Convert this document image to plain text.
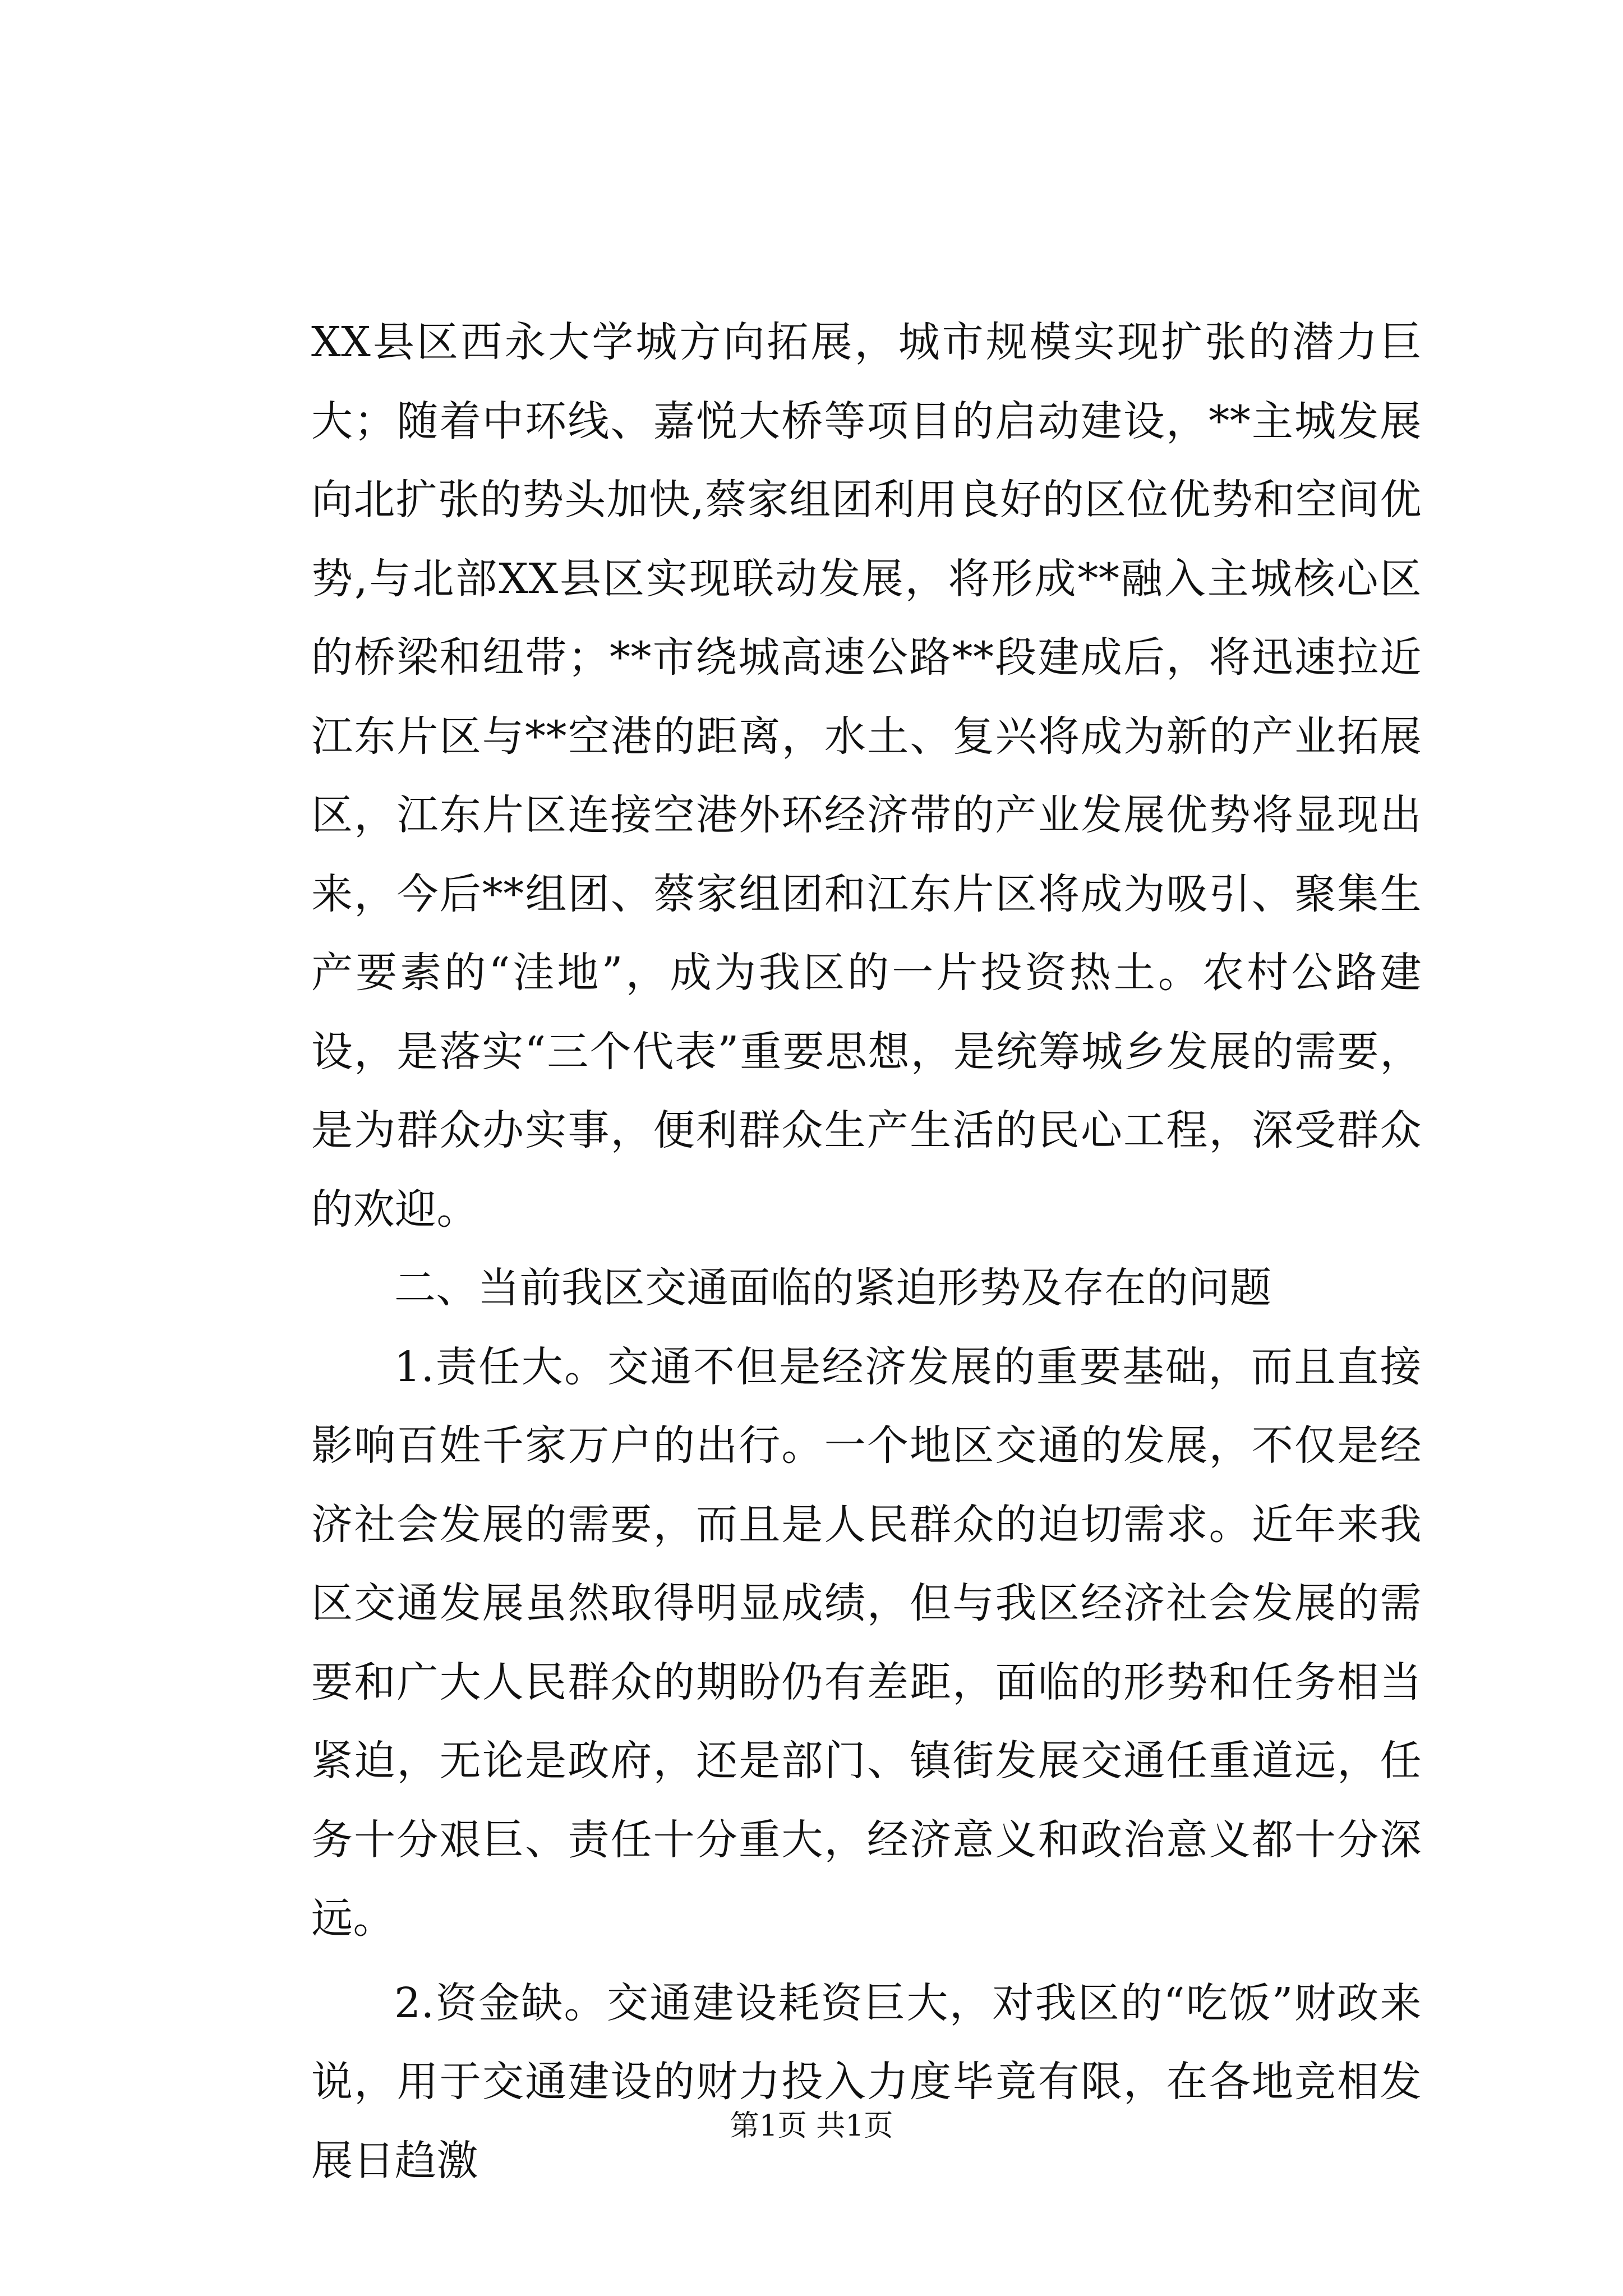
XX县区西永大学城方向拓展，城市规模实现扩张的潜力巨大；随着中环线、嘉悦大桥等项目的启动建设，**主城发展向北扩张的势头加快,蔡家组团利用良好的区位优势和空间优势,与北部XX县区实现联动发展，将形成**融入主城核心区的桥梁和纽带；**市绕城高速公路**段建成后，将迅速拉近江东片区与**空港的距离，水土、复兴将成为新的产业拓展区，江东片区连接空港外环经济带的产业发展优势将显现出来，今后**组团、蔡家组团和江东片区将成为吸引、聚集生产要素的“洼地”，成为我区的一片投资热土。农村公路建设，是落实“三个代表”重要思想，是统筹城乡发展的需要，是为群众办实事，便利群众生产生活的民心工程，深受群众的欢迎。

二、当前我区交通面临的紧迫形势及存在的问题

1.责任大。交通不但是经济发展的重要基础，而且直接影响百姓千家万户的出行。一个地区交通的发展，不仅是经济社会发展的需要，而且是人民群众的迫切需求。近年来我区交通发展虽然取得明显成绩，但与我区经济社会发展的需要和广大人民群众的期盼仍有差距，面临的形势和任务相当紧迫，无论是政府，还是部门、镇街发展交通任重道远，任务十分艰巨、责任十分重大，经济意义和政治意义都十分深远。

2.资金缺。交通建设耗资巨大，对我区的“吃饭”财政来说，用于交通建设的财力投入力度毕竟有限，在各地竞相发展日趋激

第1页 共1页
